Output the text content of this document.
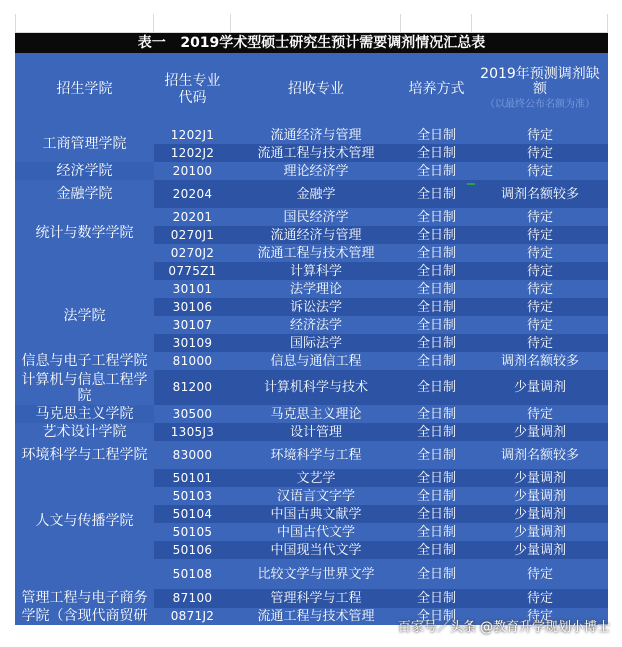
表一   2019学术型硕士研究生预计需要调剂情况汇总表
招生学院	招生专业代码	招收专业	培养方式	2019年预测调剂缺额
（以最终公布名额为准）

工商管理学院	1202J1	流通经济与管理	全日制	待定
	1202J2	流通工程与技术管理	全日制	待定
经济学院	20100	理论经济学	全日制	待定
金融学院	20204	金融学	全日制	调剂名额较多
统计与数学学院	20201	国民经济学	全日制	待定
	0270J1	流通经济与管理	全日制	待定
	0270J2	流通工程与技术管理	全日制	待定
	0775Z1	计算科学	全日制	待定
法学院	30101	法学理论	全日制	待定
	30106	诉讼法学	全日制	待定
	30107	经济法学	全日制	待定
	30109	国际法学	全日制	待定
信息与电子工程学院	81000	信息与通信工程	全日制	调剂名额较多
计算机与信息工程学院	81200	计算机科学与技术	全日制	少量调剂
马克思主义学院	30500	马克思主义理论	全日制	待定
艺术设计学院	1305J3	设计管理	全日制	少量调剂
环境科学与工程学院	83000	环境科学与工程	全日制	调剂名额较多
人文与传播学院	50101	文艺学	全日制	少量调剂
	50103	汉语言文字学	全日制	少量调剂
	50104	中国古典文献学	全日制	少量调剂
	50105	中国古代文学	全日制	少量调剂
	50106	中国现当代文学	全日制	少量调剂
	50108	比较文学与世界文学	全日制	待定

管理工程与电子商务学院（含现代商贸研	87100	管理科学与工程	全日制	待定
	0871J2	流通工程与技术管理	全日制	待定
百家号／头条 @教育升学规划小博士
